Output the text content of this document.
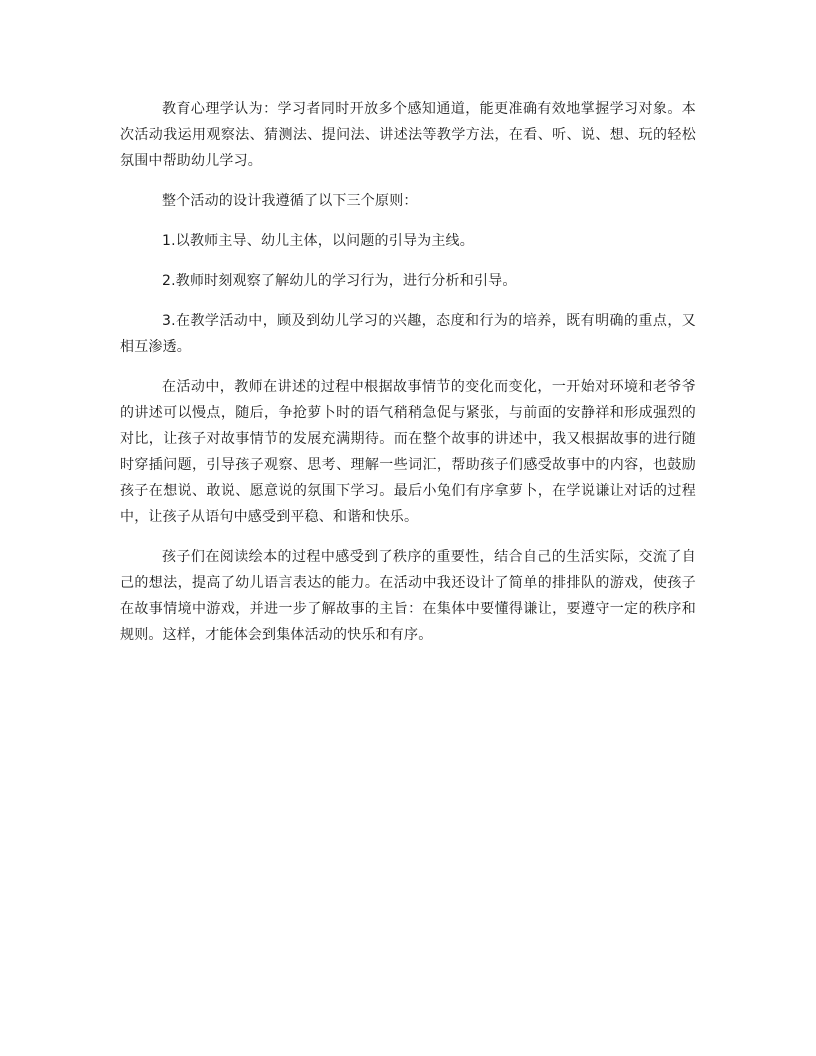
教育心理学认为：学习者同时开放多个感知通道，能更准确有效地掌握学习对象。本次活动我运用观察法、猜测法、提问法、讲述法等教学方法，在看、听、说、想、玩的轻松氛围中帮助幼儿学习。

整个活动的设计我遵循了以下三个原则：

1.以教师主导、幼儿主体，以问题的引导为主线。

2.教师时刻观察了解幼儿的学习行为，进行分析和引导。

3.在教学活动中，顾及到幼儿学习的兴趣，态度和行为的培养，既有明确的重点，又相互渗透。

在活动中，教师在讲述的过程中根据故事情节的变化而变化，一开始对环境和老爷爷的讲述可以慢点，随后，争抢萝卜时的语气稍稍急促与紧张，与前面的安静祥和形成强烈的对比，让孩子对故事情节的发展充满期待。而在整个故事的讲述中，我又根据故事的进行随时穿插问题，引导孩子观察、思考、理解一些词汇，帮助孩子们感受故事中的内容，也鼓励孩子在想说、敢说、愿意说的氛围下学习。最后小兔们有序拿萝卜，在学说谦让对话的过程中，让孩子从语句中感受到平稳、和谐和快乐。

孩子们在阅读绘本的过程中感受到了秩序的重要性，结合自己的生活实际，交流了自己的想法，提高了幼儿语言表达的能力。在活动中我还设计了简单的排排队的游戏，使孩子在故事情境中游戏，并进一步了解故事的主旨：在集体中要懂得谦让，要遵守一定的秩序和规则。这样，才能体会到集体活动的快乐和有序。
